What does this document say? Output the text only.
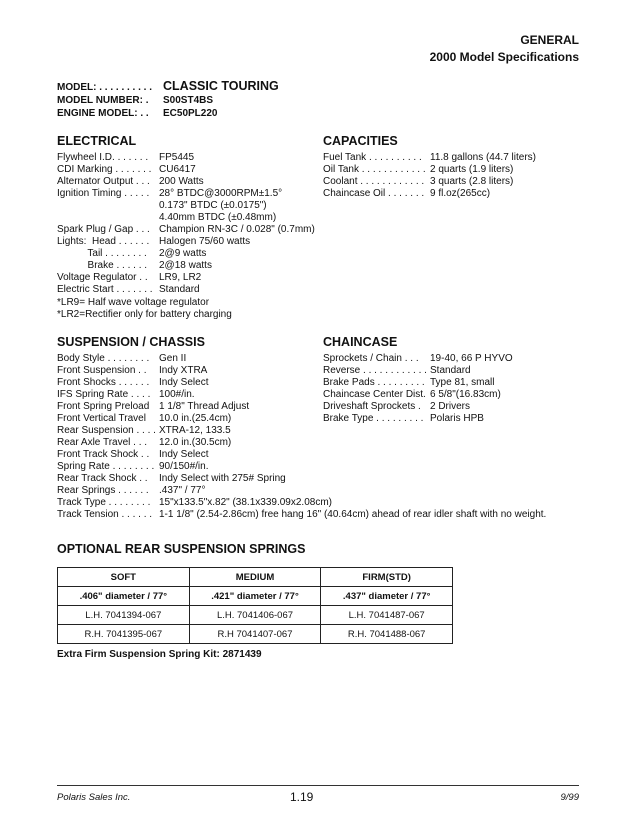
GENERAL
2000 Model Specifications
MODEL: . . . . . . . . . . CLASSIC TOURING
MODEL NUMBER: . S00ST4BS
ENGINE MODEL: . . EC50PL220
ELECTRICAL
Flywheel I.D. . . . . . . FP5445
CDI Marking . . . . . . . CU6417
Alternator Output . . . 200 Watts
Ignition Timing . . . . . 28° BTDC@3000RPM±1.5°
0.173" BTDC (±0.0175")
4.40mm BTDC (±0.48mm)
Spark Plug / Gap . . . Champion RN-3C / 0.028" (0.7mm)
Lights:  Head . . . . . . Halogen 75/60 watts
Tail . . . . . . . . 2@9 watts
Brake . . . . . . 2@18 watts
Voltage Regulator . . LR9, LR2
Electric Start . . . . . . . Standard
*LR9= Half wave voltage regulator
*LR2=Rectifier only for battery charging
CAPACITIES
Fuel Tank . . . . . . . . . . 11.8 gallons (44.7 liters)
Oil Tank . . . . . . . . . . . . 2 quarts (1.9 liters)
Coolant . . . . . . . . . . . . 3 quarts (2.8 liters)
Chaincase Oil . . . . . . . 9 fl.oz(265cc)
SUSPENSION / CHASSIS
Body Style . . . . . . . . Gen II
Front Suspension . . Indy XTRA
Front Shocks . . . . . . Indy Select
IFS Spring Rate . . . . 100#/in.
Front Spring Preload 1 1/8" Thread Adjust
Front Vertical Travel 10.0 in.(25.4cm)
Rear Suspension . . . . XTRA-12, 133.5
Rear Axle Travel . . . 12.0 in.(30.5cm)
Front Track Shock . . Indy Select
Spring Rate . . . . . . . . 90/150#/in.
Rear Track Shock . . Indy Select with 275# Spring
Rear Springs . . . . . . .437" / 77°
Track Type . . . . . . . . 15"x133.5"x.82" (38.1x339.09x2.08cm)
Track Tension . . . . . . 1-1 1/8" (2.54-2.86cm) free hang 16" (40.64cm) ahead of rear idler shaft with no weight.
CHAINCASE
Sprockets / Chain . . . 19-40, 66 P HYVO
Reverse . . . . . . . . . . . . Standard
Brake Pads . . . . . . . . . Type 81, small
Chaincase Center Dist. 6 5/8"(16.83cm)
Driveshaft Sprockets . 2 Drivers
Brake Type . . . . . . . . . Polaris HPB
OPTIONAL REAR SUSPENSION SPRINGS
SOFT	MEDIUM	FIRM(STD)
.406" diameter / 77°	.421" diameter / 77°	.437" diameter / 77°
L.H. 7041394-067	L.H. 7041406-067	L.H. 7041487-067
R.H. 7041395-067	R.H 7041407-067	R.H. 7041488-067
Extra Firm Suspension Spring Kit: 2871439
Polaris Sales Inc.	1.19	9/99
